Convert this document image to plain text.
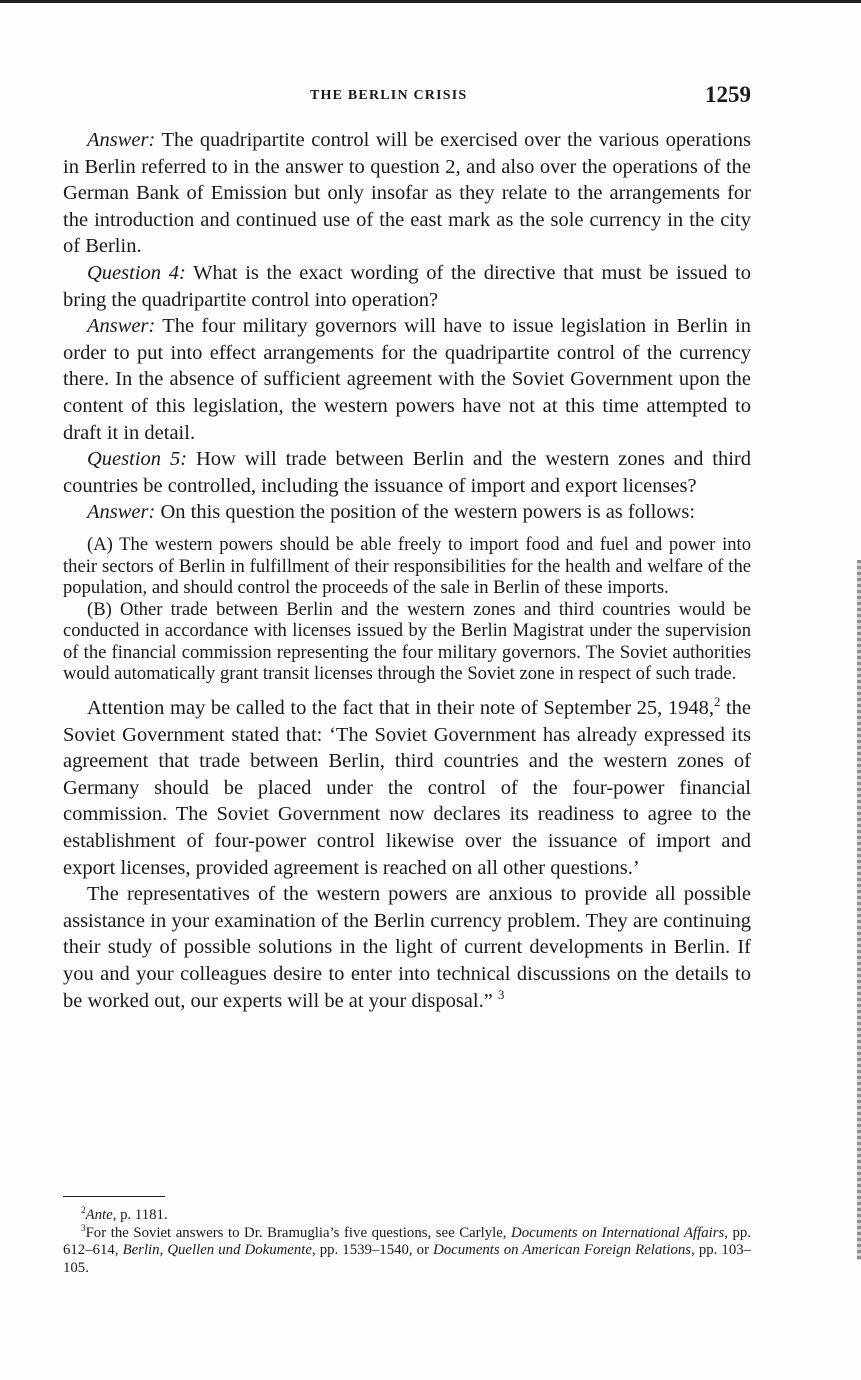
THE BERLIN CRISIS	1259

Answer: The quadripartite control will be exercised over the various operations in Berlin referred to in the answer to question 2, and also over the operations of the German Bank of Emission but only insofar as they relate to the arrangements for the introduction and continued use of the east mark as the sole currency in the city of Berlin.

Question 4: What is the exact wording of the directive that must be issued to bring the quadripartite control into operation?

Answer: The four military governors will have to issue legislation in Berlin in order to put into effect arrangements for the quadripartite control of the currency there. In the absence of sufficient agreement with the Soviet Government upon the content of this legislation, the western powers have not at this time attempted to draft it in detail.

Question 5: How will trade between Berlin and the western zones and third countries be controlled, including the issuance of import and export licenses?

Answer: On this question the position of the western powers is as follows:

(A) The western powers should be able freely to import food and fuel and power into their sectors of Berlin in fulfillment of their responsibilities for the health and welfare of the population, and should control the proceeds of the sale in Berlin of these imports.

(B) Other trade between Berlin and the western zones and third countries would be conducted in accordance with licenses issued by the Berlin Magistrat under the supervision of the financial commission representing the four military governors. The Soviet authorities would automatically grant transit licenses through the Soviet zone in respect of such trade.

Attention may be called to the fact that in their note of September 25, 1948,$^2$ the Soviet Government stated that: ‘The Soviet Government has already expressed its agreement that trade between Berlin, third countries and the western zones of Germany should be placed under the control of the four-power financial commission. The Soviet Government now declares its readiness to agree to the establishment of four-power control likewise over the issuance of import and export licenses, provided agreement is reached on all other questions.’

The representatives of the western powers are anxious to provide all possible assistance in your examination of the Berlin currency problem. They are continuing their study of possible solutions in the light of current developments in Berlin. If you and your colleagues desire to enter into technical discussions on the details to be worked out, our experts will be at your disposal.” $^3$

$^2$Ante, p. 1181.

$^3$For the Soviet answers to Dr. Bramuglia’s five questions, see Carlyle, Documents on International Affairs, pp. 612–614, Berlin, Quellen und Dokumente, pp. 1539–1540, or Documents on American Foreign Relations, pp. 103–105.
